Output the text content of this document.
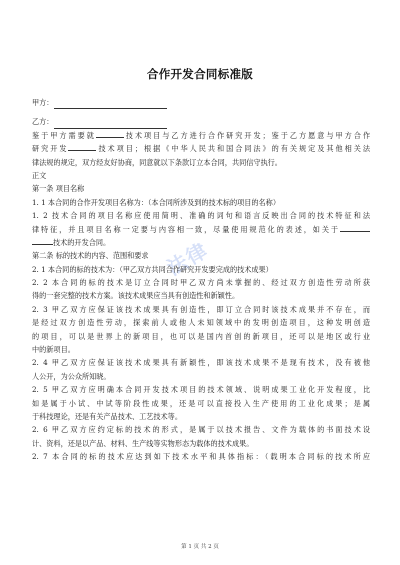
合作开发合同标准版
法律
甲方：
乙方：
鉴于甲方需要就	技术项目与乙方进行合作研究开发；鉴于乙方愿意与甲方合作
研究开发	技术项目；根据《中华人民共和国合同法》的有关规定及其他相关法
律法规的规定，双方经友好协商，同意就以下条款订立本合同，共同信守执行。
正文
第一条 项目名称
1. 1 本合同的合作开发项目名称为：（本合同所涉及到的技术标的项目的名称）
1. 2 技术合同的项目名称应使用简明、准确的词句和语言反映出合同的技术特征和法
律特征，并且项目名称一定要与内容相一致，尽量使用规范化的表述，如关于
技术的开发合同。
第二条 标的技术的内容、范围和要求
2. 1 本合同的标的技术为：（甲乙双方共同合作研究开发要完成的技术成果）
2. 2 本合同的标的技术是订立合同时甲乙双方尚未掌握的、经过双方创造性劳动所获
得的一套完整的技术方案。该技术成果应当具有创造性和新颖性。
2. 3 甲乙双方应保证该技术成果具有创造性，即订立合同时该技术成果并不存在，而
是经过双方创造性劳动，探索前人或他人未知领域中的发明创造项目，这种发明创造
的项目，可以是世界上的新项目，也可以是国内首创的新项目，还可以是地区或行业
中的新项目。
2. 4 甲乙双方应保证该技术成果具有新颖性，即该技术成果不是现有技术，没有被他
人公开，为公众所知晓。
2. 5 甲乙双方应明确本合同开发技术项目的技术领域、说明成果工业化开发程度，比
如是属于小试、中试等阶段性成果，还是可以直接投入生产使用的工业化成果；是属
于科技理论，还是有关产品技术、工艺技术等。
2. 6 甲乙双方应约定标的技术的形式，是属于以技术报告、文件为载体的书面技术设
计、资料，还是以产品、材料、生产线等实物形态为载体的技术成果。
2. 7 本合同的标的技术应达到如下技术水平和具体指标：（载明本合同标的技术所应
第 1 页 共 2 页
